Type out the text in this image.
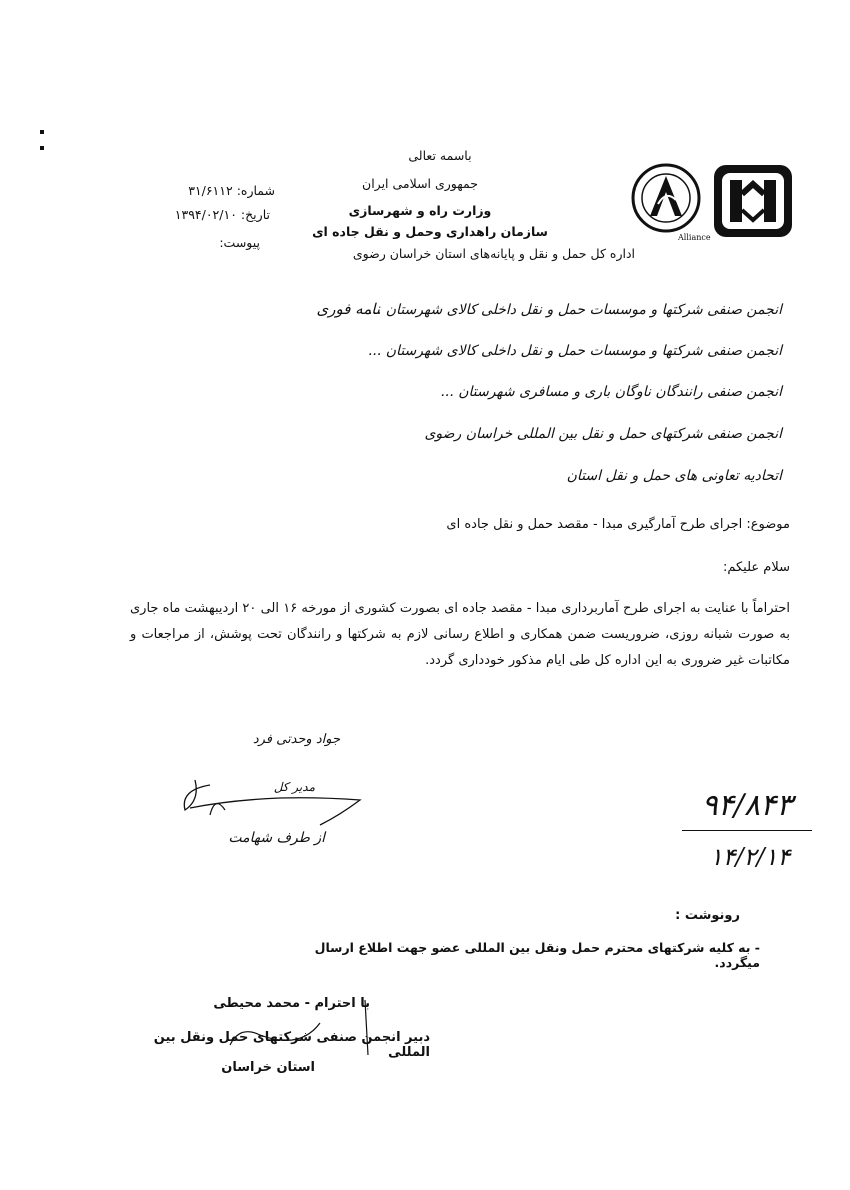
Alliance
باسمه تعالی
جمهوری اسلامی ایران
وزارت راه و شهرسازی
سازمان راهداری وحمل و نقل جاده ای
اداره کل حمل و نقل و پایانه‌های استان خراسان رضوی
شماره: ۳۱/۶۱۱۲
تاریخ: ۱۳۹۴/۰۲/۱۰
پیوست:
نامه فوری
انجمن صنفی شرکتها و موسسات حمل و نقل داخلی کالای شهرستان ...
انجمن صنفی شرکتها و موسسات حمل و نقل داخلی کالای شهرستان ...
انجمن صنفی رانندگان ناوگان باری و مسافری شهرستان ...
انجمن صنفی شرکتهای حمل و نقل بین المللی خراسان رضوی
اتحادیه تعاونی های حمل و نقل استان
موضوع: اجرای طرح آمارگیری مبدا - مقصد حمل و نقل جاده ای
سلام علیکم:
احتراماً با عنایت به اجرای طرح آماربرداری مبدا - مقصد جاده ای بصورت کشوری از مورخه ۱۶ الی ۲۰ اردیبهشت ماه جاری به صورت شبانه روزی، ضروریست ضمن همکاری و اطلاع رسانی لازم به شرکتها و رانندگان تحت پوشش، از مراجعات و مکاتبات غیر ضروری به این اداره کل طی ایام مذکور خودداری گردد.
جواد وحدتی فرد
مدیر کل
از طرف شهامت
۹۴/۸۴۳
۱۴/۲/۱۴
رونوشت :
- به کلیه شرکتهای محترم حمل ونقل بین المللی عضو جهت اطلاع ارسال میگردد.
با احترام - محمد محیطی
دبیر انجمن صنفی شرکتهای حمل ونقل بین المللی
استان خراسان
